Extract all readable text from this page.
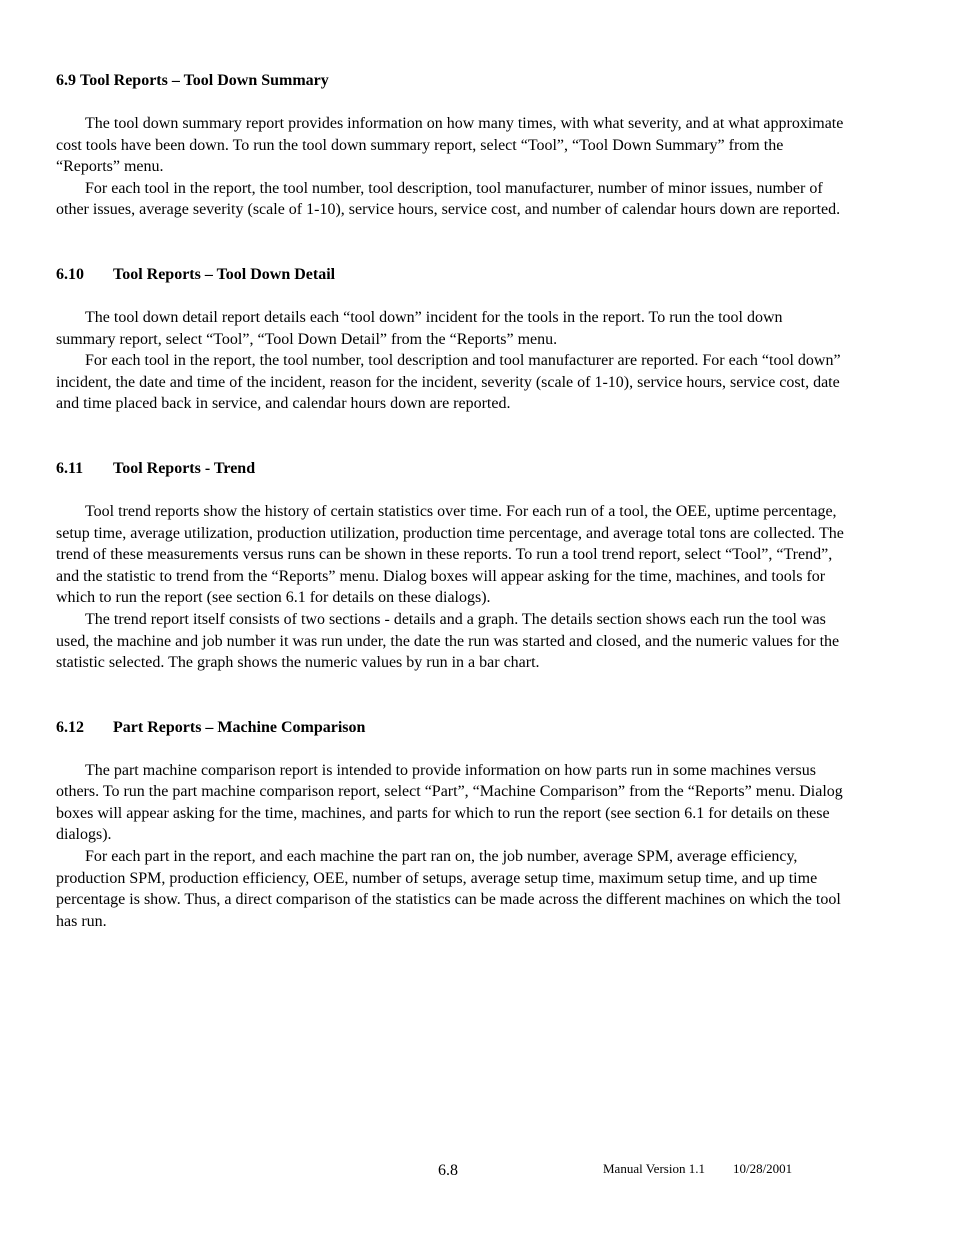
6.9 Tool Reports – Tool Down Summary

The tool down summary report provides information on how many times, with what severity, and at what approximate cost tools have been down. To run the tool down summary report, select “Tool”, “Tool Down Summary” from the “Reports” menu.

For each tool in the report, the tool number, tool description, tool manufacturer, number of minor issues, number of other issues, average severity (scale of 1-10), service hours, service cost, and number of calendar hours down are reported.

6.10 Tool Reports – Tool Down Detail

The tool down detail report details each “tool down” incident for the tools in the report. To run the tool down summary report, select “Tool”, “Tool Down Detail” from the “Reports” menu.

For each tool in the report, the tool number, tool description and tool manufacturer are reported. For each “tool down” incident, the date and time of the incident, reason for the incident, severity (scale of 1-10), service hours, service cost, date and time placed back in service, and calendar hours down are reported.

6.11 Tool Reports - Trend

Tool trend reports show the history of certain statistics over time. For each run of a tool, the OEE, uptime percentage, setup time, average utilization, production utilization, production time percentage, and average total tons are collected. The trend of these measurements versus runs can be shown in these reports. To run a tool trend report, select “Tool”, “Trend”, and the statistic to trend from the “Reports” menu. Dialog boxes will appear asking for the time, machines, and tools for which to run the report (see section 6.1 for details on these dialogs).

The trend report itself consists of two sections - details and a graph. The details section shows each run the tool was used, the machine and job number it was run under, the date the run was started and closed, and the numeric values for the statistic selected. The graph shows the numeric values by run in a bar chart.

6.12 Part Reports – Machine Comparison

The part machine comparison report is intended to provide information on how parts run in some machines versus others. To run the part machine comparison report, select “Part”, “Machine Comparison” from the “Reports” menu. Dialog boxes will appear asking for the time, machines, and parts for which to run the report (see section 6.1 for details on these dialogs).

For each part in the report, and each machine the part ran on, the job number, average SPM, average efficiency, production SPM, production efficiency, OEE, number of setups, average setup time, maximum setup time, and up time percentage is show. Thus, a direct comparison of the statistics can be made across the different machines on which the tool has run.

6.8	Manual Version 1.1 10/28/2001
